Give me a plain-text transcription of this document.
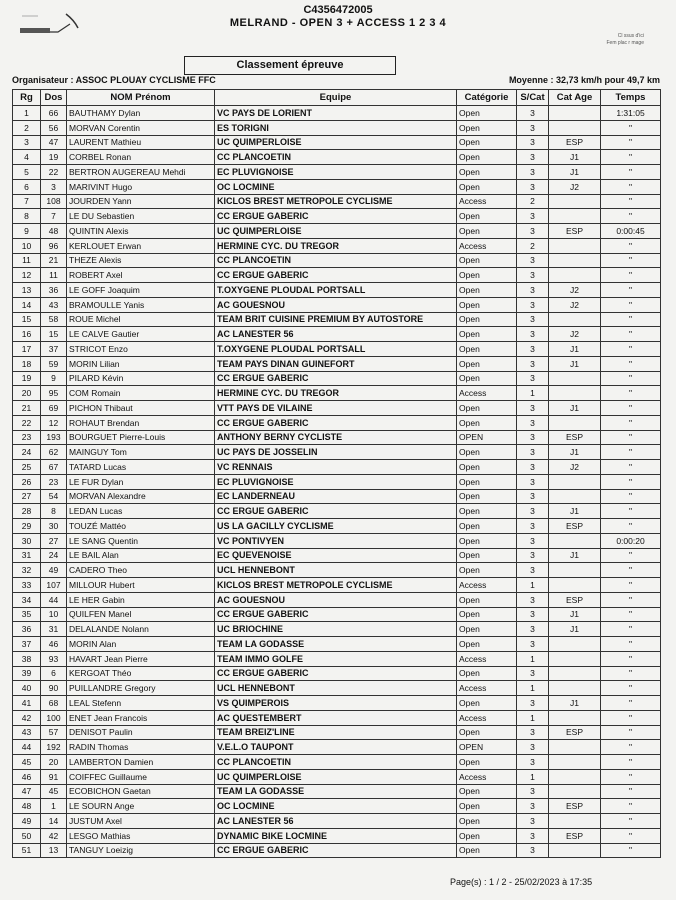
C4356472005
MELRAND - OPEN 3 + ACCESS 1 2 3 4
Cl ssus d'ici
Fem plac r mage
Classement épreuve
Organisateur : ASSOC PLOUAY CYCLISME FFC	Moyenne : 32,73 km/h pour 49,7 km
Rg	Dos	NOM Prénom	Equipe	Catégorie	S/Cat	Cat Age	Temps
1	66	BAUTHAMY Dylan	VC PAYS DE LORIENT	Open	3		1:31:05
2	56	MORVAN Corentin	ES TORIGNI	Open	3		"
3	47	LAURENT Mathieu	UC QUIMPERLOISE	Open	3	ESP	"
4	19	CORBEL Ronan	CC PLANCOETIN	Open	3	J1	"
5	22	BERTRON AUGEREAU Mehdi	EC PLUVIGNOISE	Open	3	J1	"
6	3	MARIVINT Hugo	OC LOCMINE	Open	3	J2	"
7	108	JOURDEN Yann	KICLOS BREST METROPOLE CYCLISME	Access	2		"
8	7	LE DU Sebastien	CC ERGUE GABERIC	Open	3		"
9	48	QUINTIN Alexis	UC QUIMPERLOISE	Open	3	ESP	0:00:45
10	96	KERLOUET Erwan	HERMINE CYC. DU TREGOR	Access	2		"
11	21	THEZE Alexis	CC PLANCOETIN	Open	3		"
12	11	ROBERT Axel	CC ERGUE GABERIC	Open	3		"
13	36	LE GOFF Joaquim	T.OXYGENE PLOUDAL PORTSALL	Open	3	J2	"
14	43	BRAMOULLE Yanis	AC GOUESNOU	Open	3	J2	"
15	58	ROUE Michel	TEAM BRIT CUISINE PREMIUM BY AUTOSTORE	Open	3		"
16	15	LE CALVE Gautier	AC LANESTER 56	Open	3	J2	"
17	37	STRICOT Enzo	T.OXYGENE PLOUDAL PORTSALL	Open	3	J1	"
18	59	MORIN Lilian	TEAM PAYS DINAN GUINEFORT	Open	3	J1	"
19	9	PILARD Kévin	CC ERGUE GABERIC	Open	3		"
20	95	COM Romain	HERMINE CYC. DU TREGOR	Access	1		"
21	69	PICHON Thibaut	VTT PAYS DE VILAINE	Open	3	J1	"
22	12	ROHAUT Brendan	CC ERGUE GABERIC	Open	3		"
23	193	BOURGUET Pierre-Louis	ANTHONY BERNY CYCLISTE	OPEN	3	ESP	"
24	62	MAINGUY Tom	UC PAYS DE JOSSELIN	Open	3	J1	"
25	67	TATARD Lucas	VC RENNAIS	Open	3	J2	"
26	23	LE FUR Dylan	EC PLUVIGNOISE	Open	3		"
27	54	MORVAN Alexandre	EC LANDERNEAU	Open	3		"
28	8	LEDAN Lucas	CC ERGUE GABERIC	Open	3	J1	"
29	30	TOUZÉ Mattéo	US LA GACILLY CYCLISME	Open	3	ESP	"
30	27	LE SANG Quentin	VC PONTIVYEN	Open	3		0:00:20
31	24	LE BAIL Alan	EC QUEVENOISE	Open	3	J1	"
32	49	CADERO Theo	UCL HENNEBONT	Open	3		"
33	107	MILLOUR Hubert	KICLOS BREST METROPOLE CYCLISME	Access	1		"
34	44	LE HER Gabin	AC GOUESNOU	Open	3	ESP	"
35	10	QUILFEN Manel	CC ERGUE GABERIC	Open	3	J1	"
36	31	DELALANDE Nolann	UC BRIOCHINE	Open	3	J1	"
37	46	MORIN Alan	TEAM LA GODASSE	Open	3		"
38	93	HAVART Jean Pierre	TEAM IMMO GOLFE	Access	1		"
39	6	KERGOAT Théo	CC ERGUE GABERIC	Open	3		"
40	90	PUILLANDRE Gregory	UCL HENNEBONT	Access	1		"
41	68	LEAL Stefenn	VS QUIMPEROIS	Open	3	J1	"
42	100	ENET Jean Francois	AC QUESTEMBERT	Access	1		"
43	57	DENISOT Paulin	TEAM BREIZ'LINE	Open	3	ESP	"
44	192	RADIN Thomas	V.E.L.O TAUPONT	OPEN	3		"
45	20	LAMBERTON Damien	CC PLANCOETIN	Open	3		"
46	91	COIFFEC Guillaume	UC QUIMPERLOISE	Access	1		"
47	45	ECOBICHON Gaetan	TEAM LA GODASSE	Open	3		"
48	1	LE SOURN Ange	OC LOCMINE	Open	3	ESP	"
49	14	JUSTUM Axel	AC LANESTER 56	Open	3		"
50	42	LESGO Mathias	DYNAMIC BIKE LOCMINE	Open	3	ESP	"
51	13	TANGUY Loeizig	CC ERGUE GABERIC	Open	3		"
Page(s) : 1 / 2 - 25/02/2023 à 17:35
